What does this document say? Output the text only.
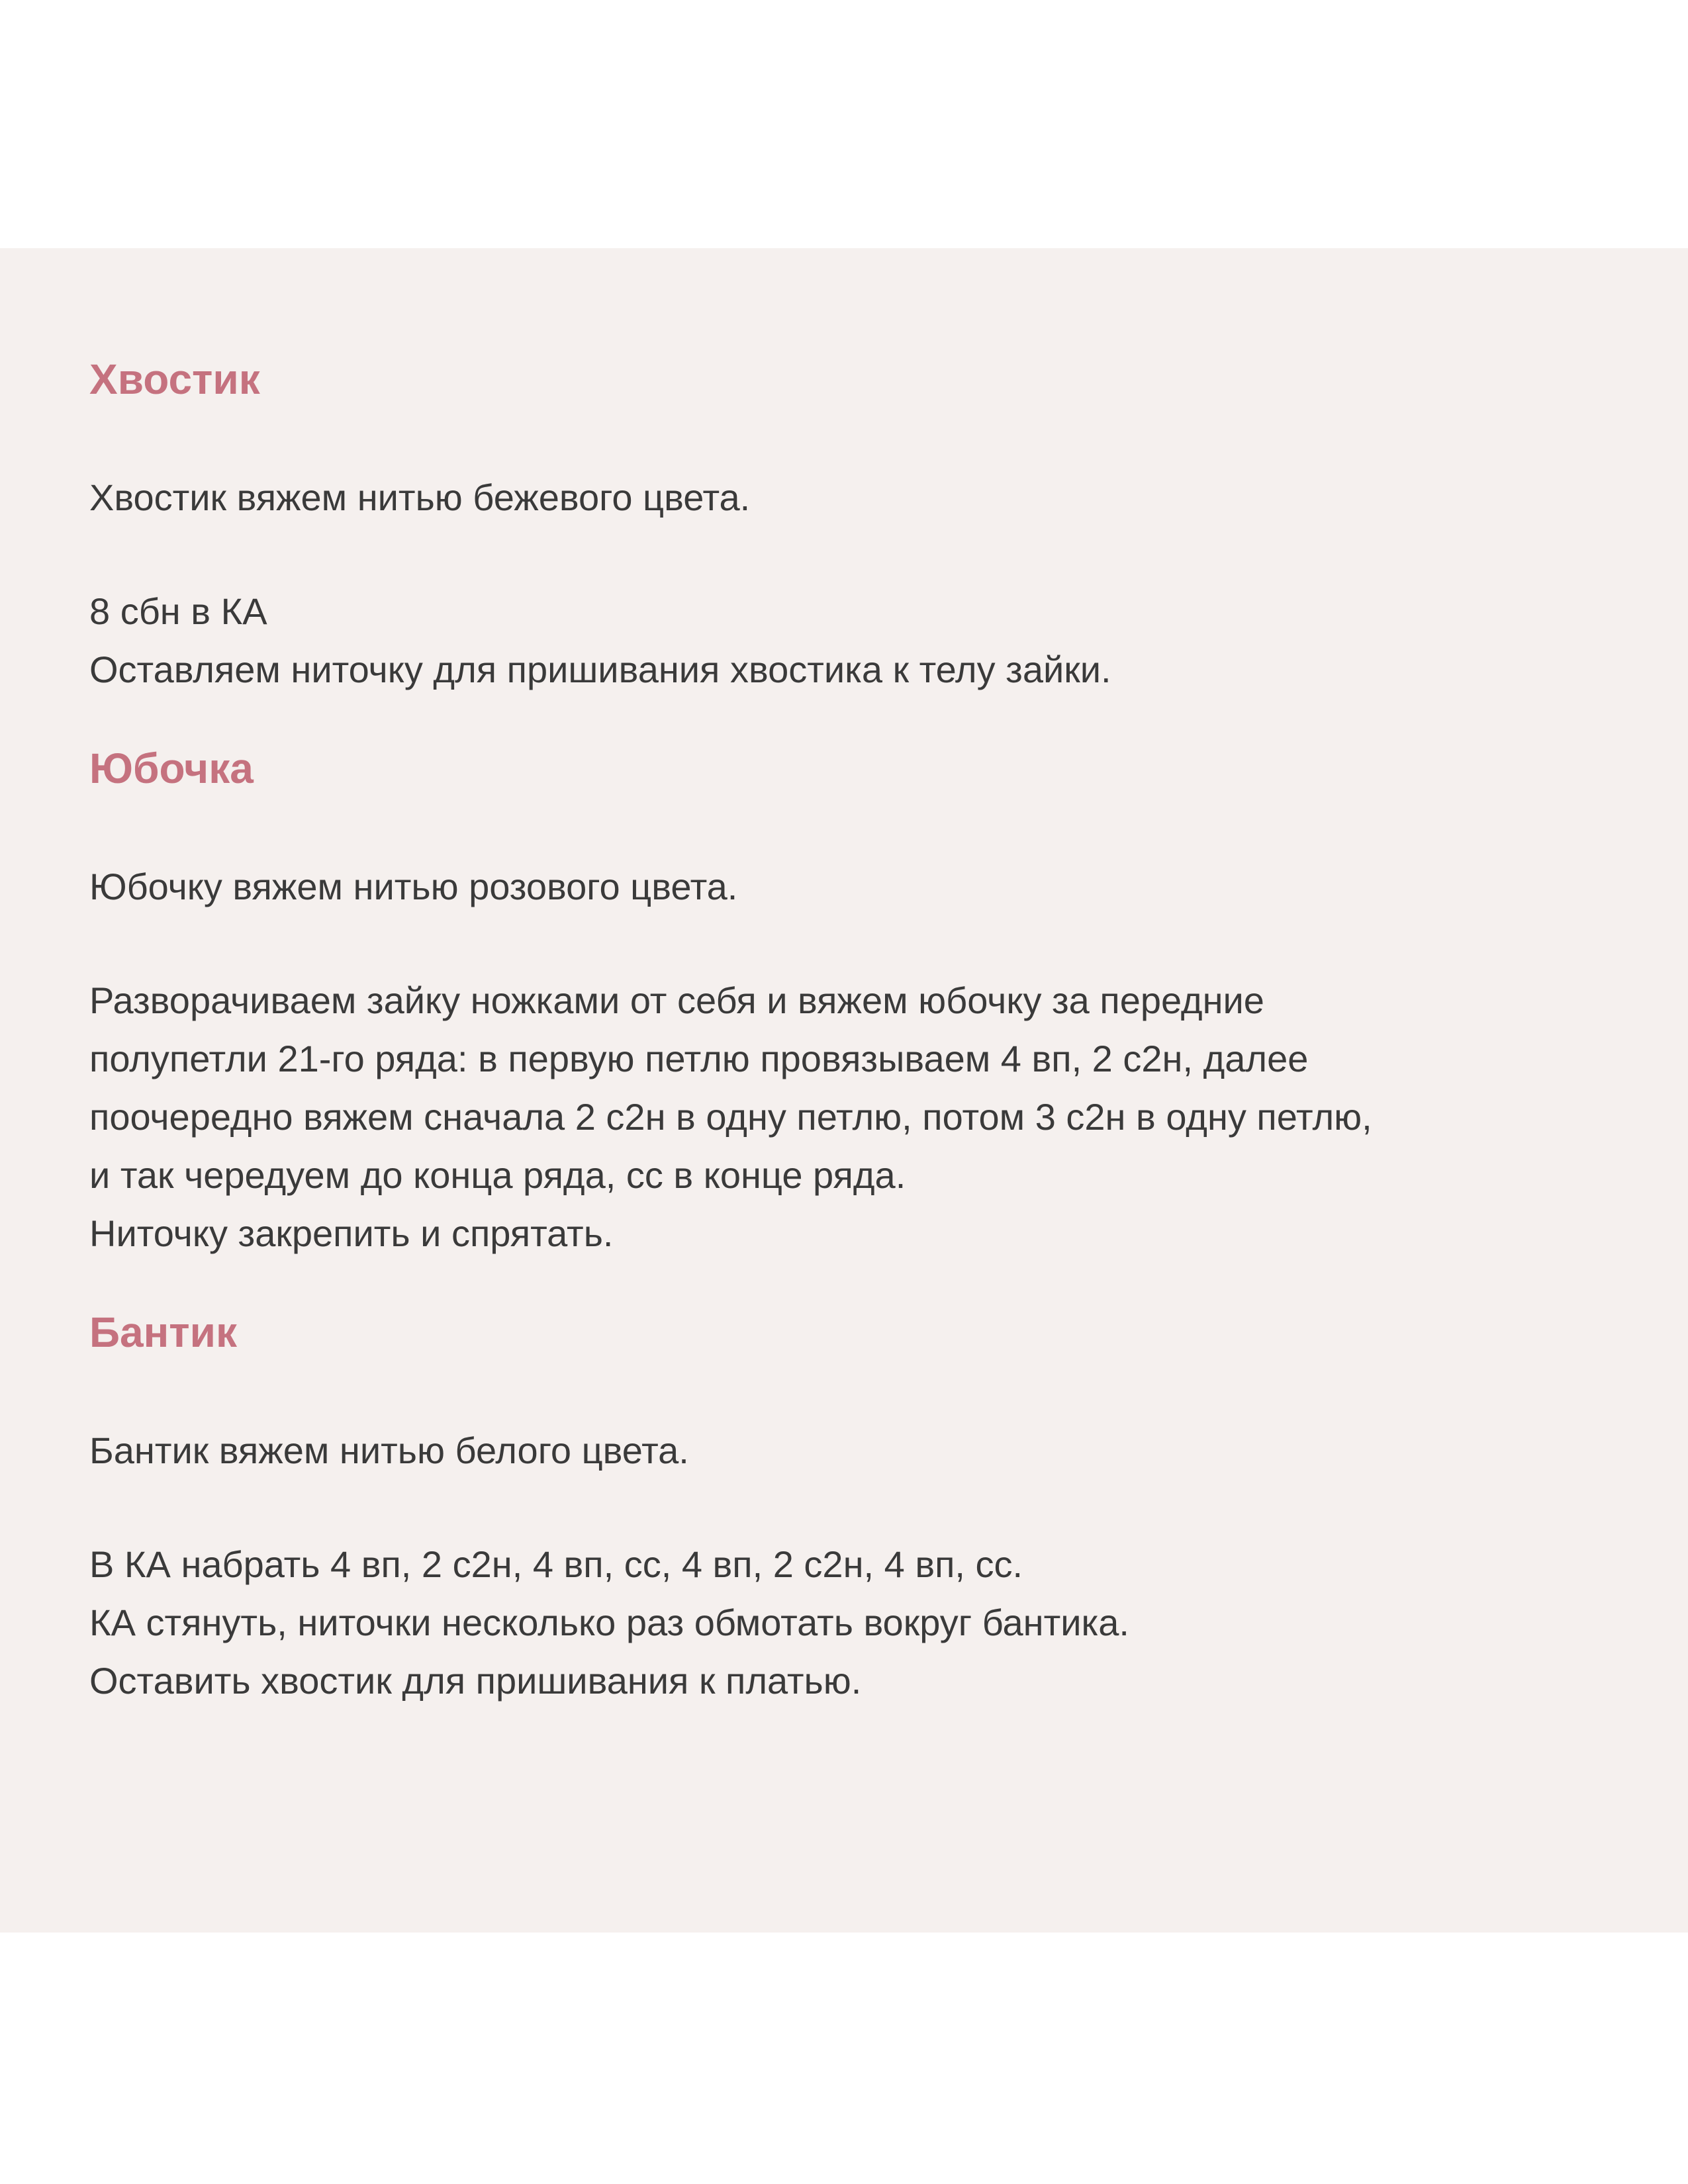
Хвостик

Хвостик вяжем нитью бежевого цвета.

8 сбн в КА
Оставляем ниточку для пришивания хвостика к телу зайки.

Юбочка

Юбочку вяжем нитью розового цвета.

Разворачиваем зайку ножками от себя и вяжем юбочку за передние
полупетли 21-го ряда: в первую петлю провязываем 4 вп, 2 с2н, далее
поочередно вяжем сначала 2 с2н в одну петлю, потом 3 с2н в одну петлю,
и так чередуем до конца ряда, сс в конце ряда.
Ниточку закрепить и спрятать.

Бантик

Бантик вяжем нитью белого цвета.

В КА набрать 4 вп, 2 с2н, 4 вп, сс, 4 вп, 2 с2н, 4 вп, сс.
КА стянуть, ниточки несколько раз обмотать вокруг бантика.
Оставить хвостик для пришивания к платью.
